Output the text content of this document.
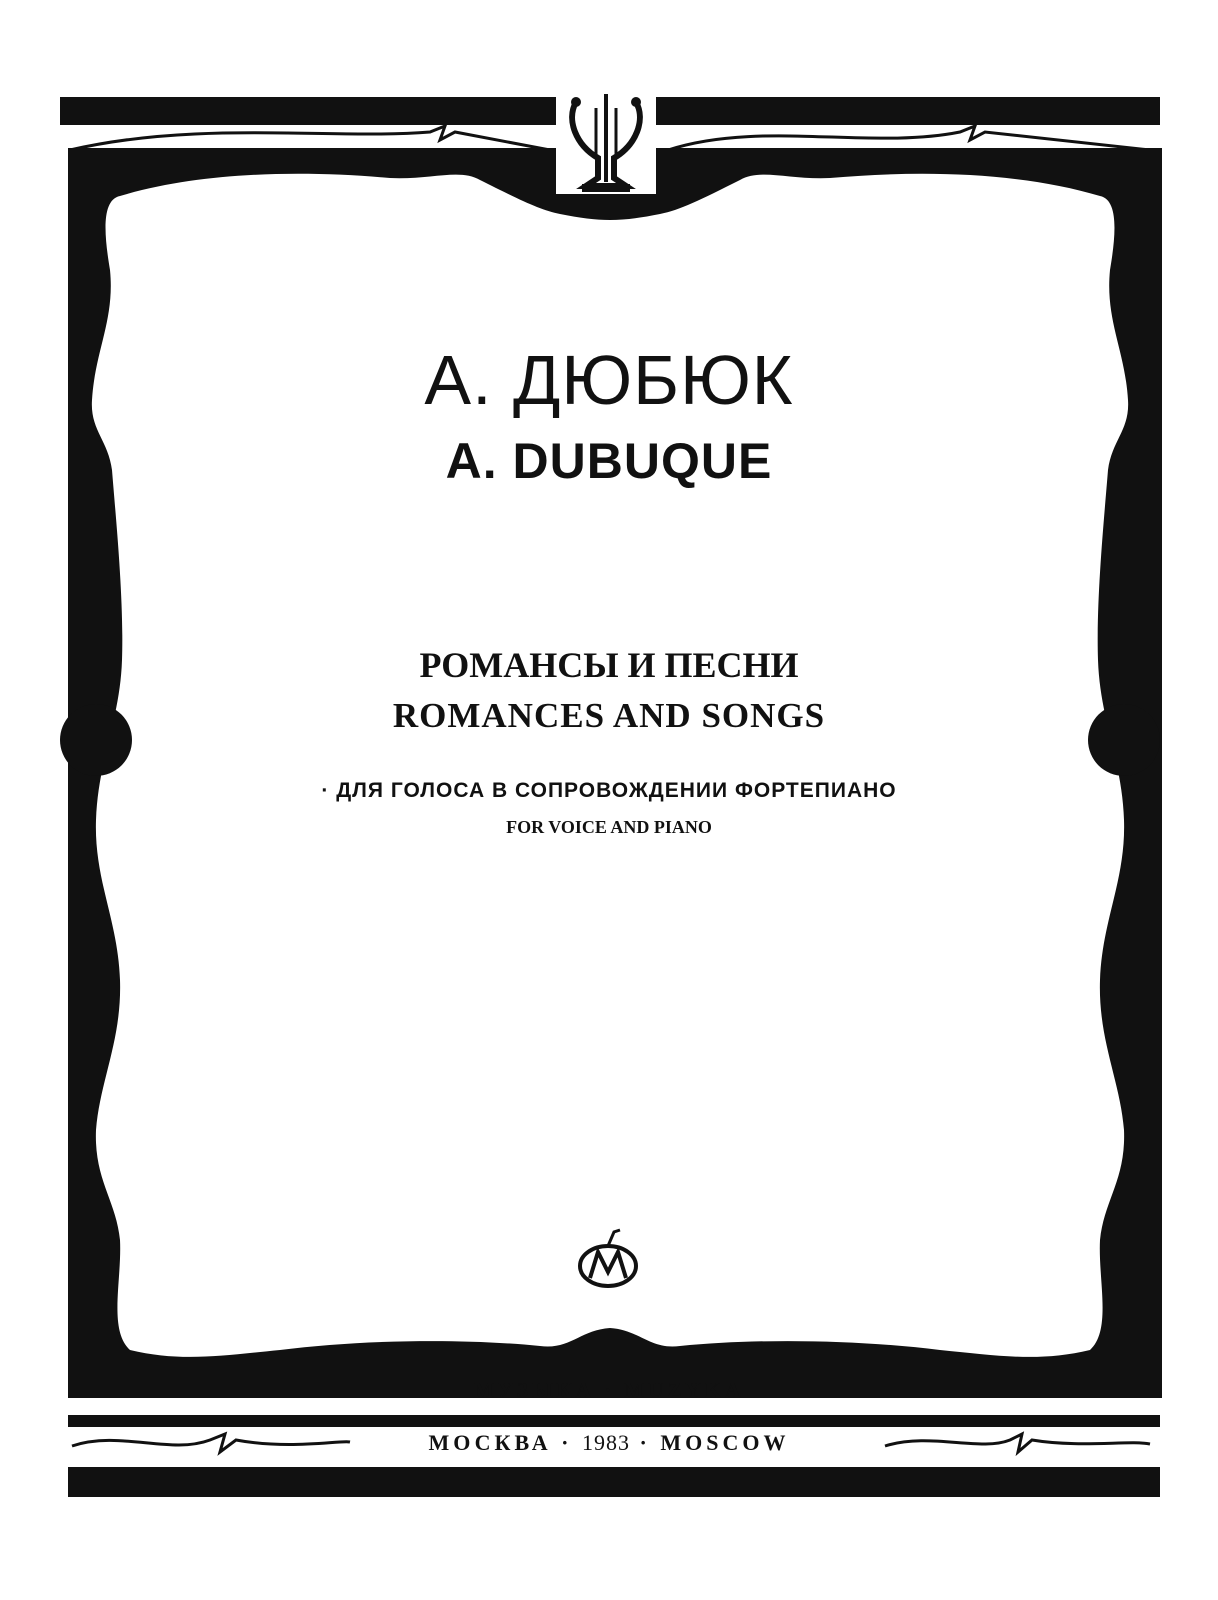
А. ДЮБЮК
A. DUBUQUE
РОМАНСЫ И ПЕСНИ
ROMANCES AND SONGS
· ДЛЯ ГОЛОСА В СОПРОВОЖДЕНИИ ФОРТЕПИАНО
FOR VOICE AND PIANO
МУЗЫКА · MUZYKA
МОСКВА · 1983 · MOSCOW
